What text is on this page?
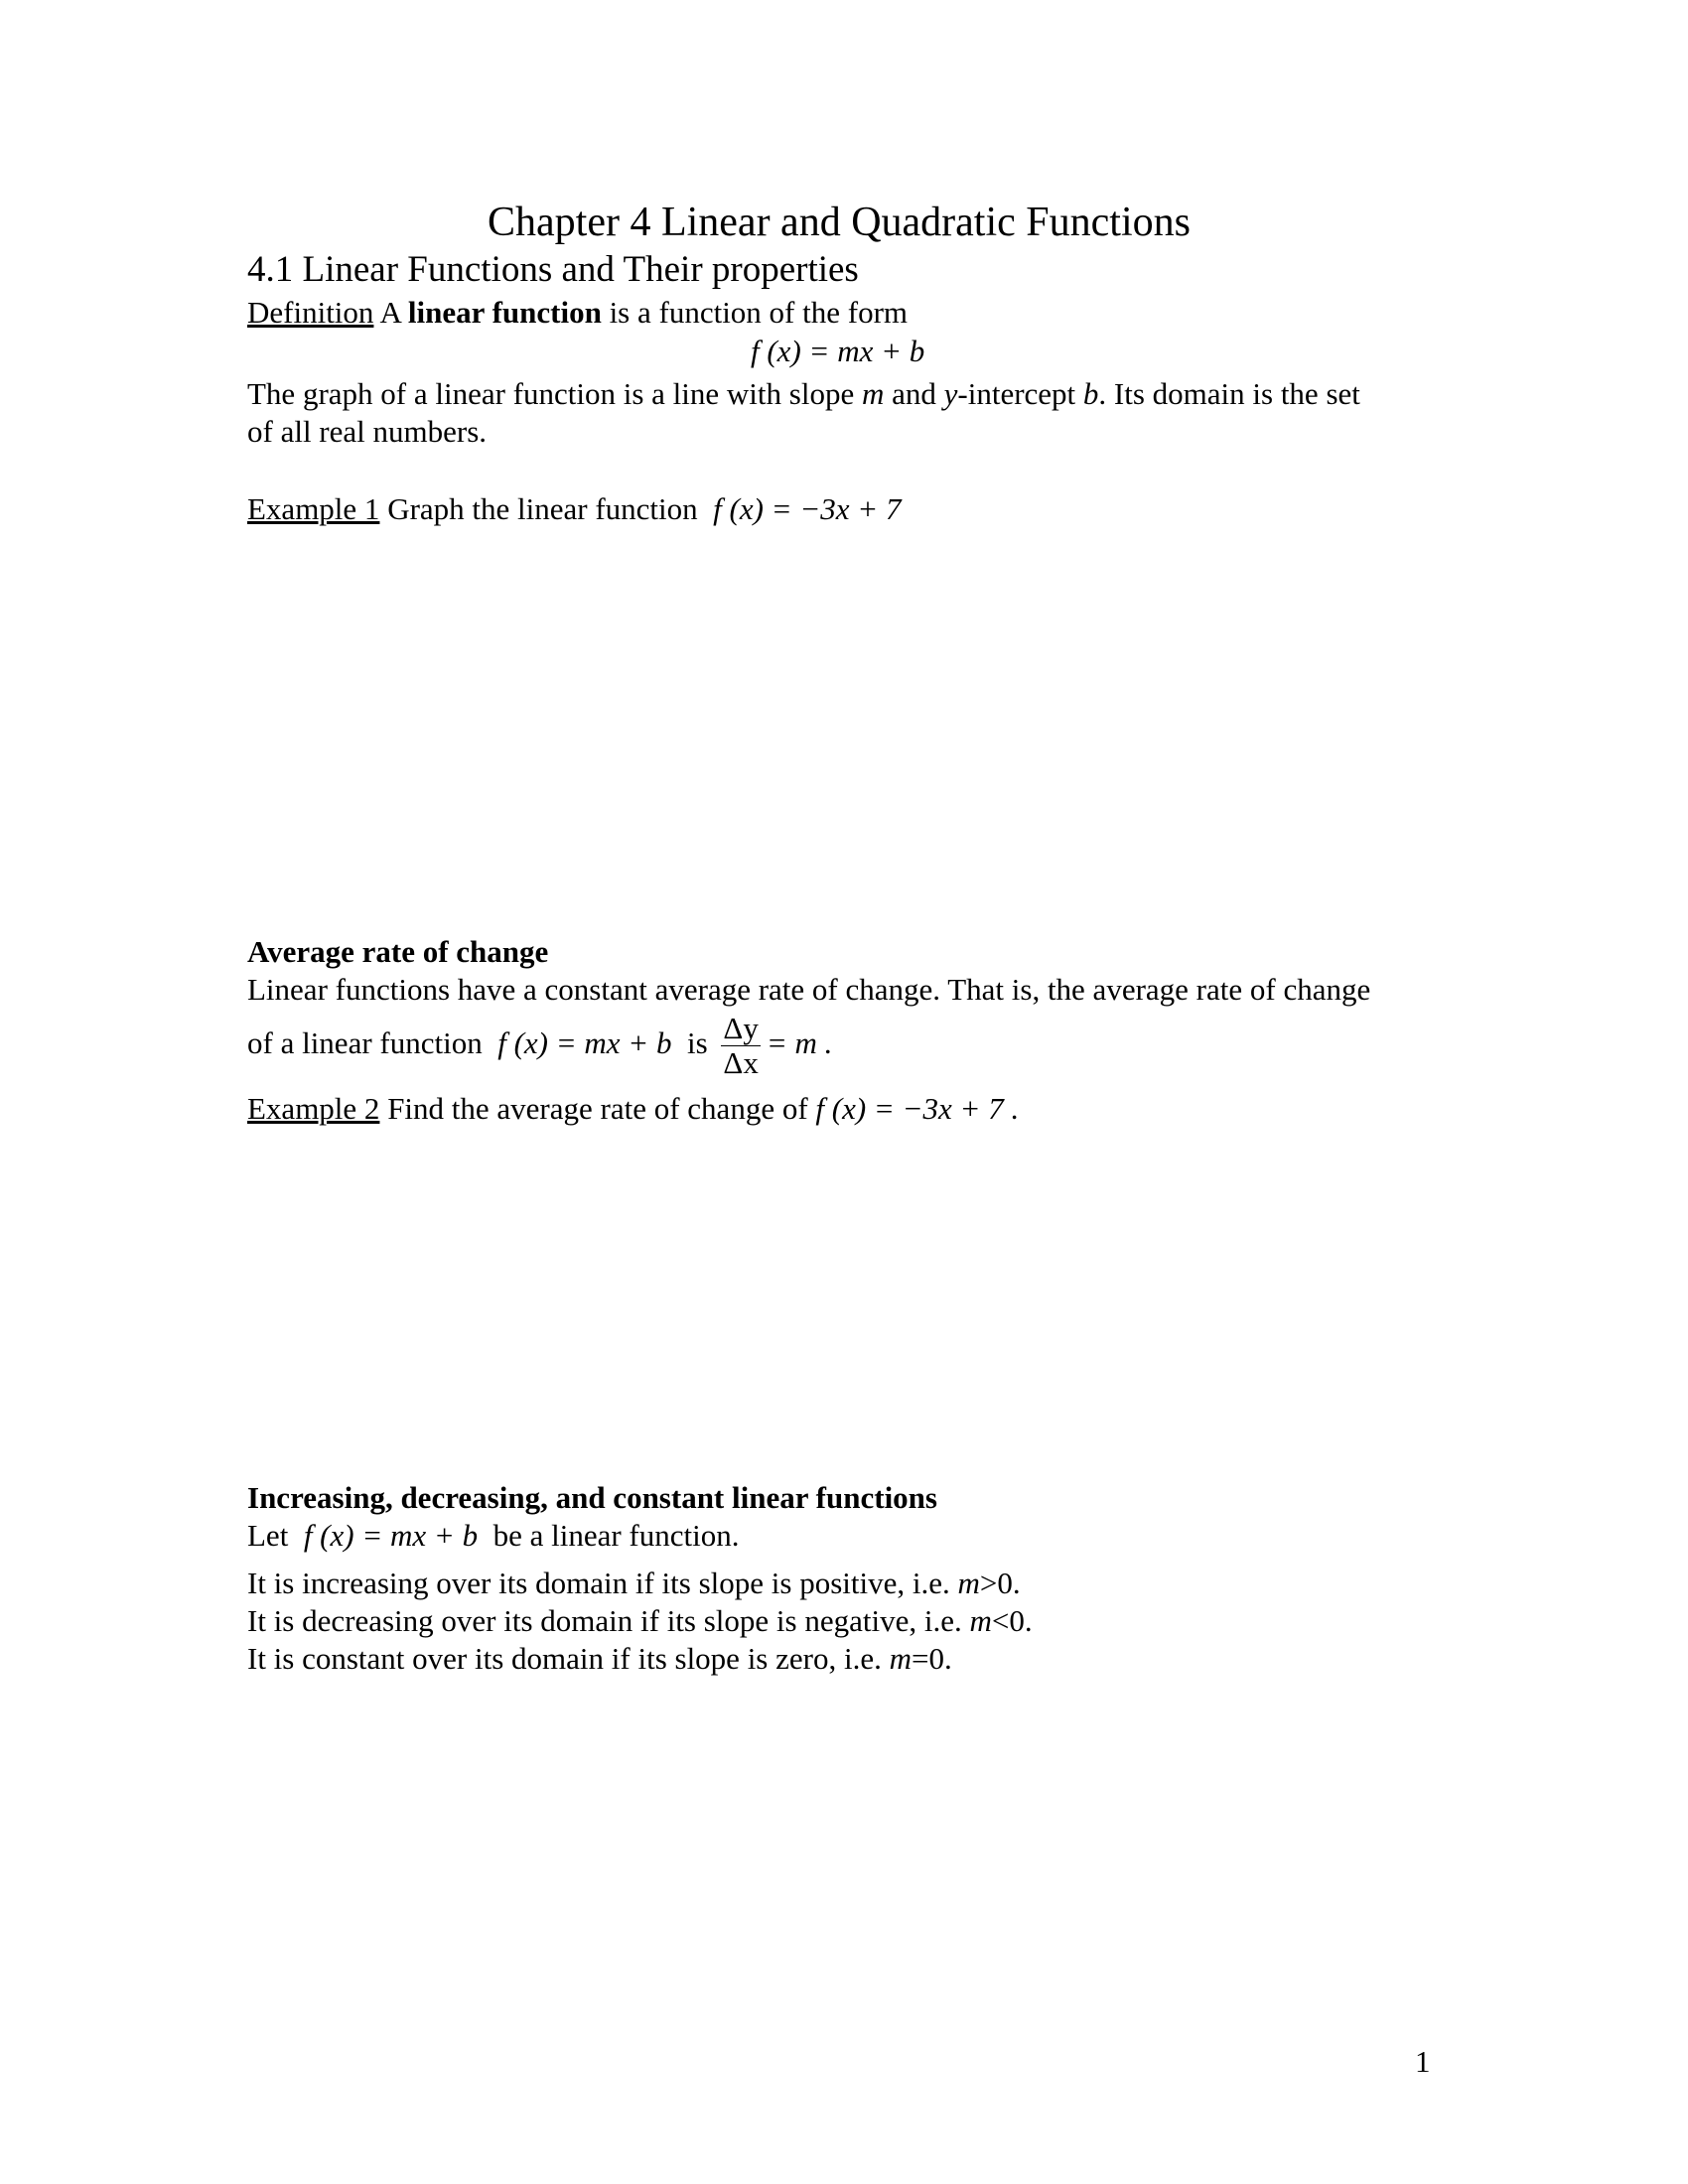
Chapter 4 Linear and Quadratic Functions
4.1 Linear Functions and Their properties
Definition A linear function is a function of the form
f (x) = mx + b
The graph of a linear function is a line with slope m and y-intercept b. Its domain is the set
of all real numbers.
Example 1 Graph the linear function  f (x) = −3x + 7
Average rate of change
Linear functions have a constant average rate of change. That is, the average rate of change
of a linear function  f (x) = mx + b  is $\frac{\Delta y}{\Delta x} = m$ .
Example 2 Find the average rate of change of f (x) = −3x + 7 .
Increasing, decreasing, and constant linear functions
Let  f (x) = mx + b  be a linear function.
It is increasing over its domain if its slope is positive, i.e. m>0.
It is decreasing over its domain if its slope is negative, i.e. m<0.
It is constant over its domain if its slope is zero, i.e. m=0.
1
